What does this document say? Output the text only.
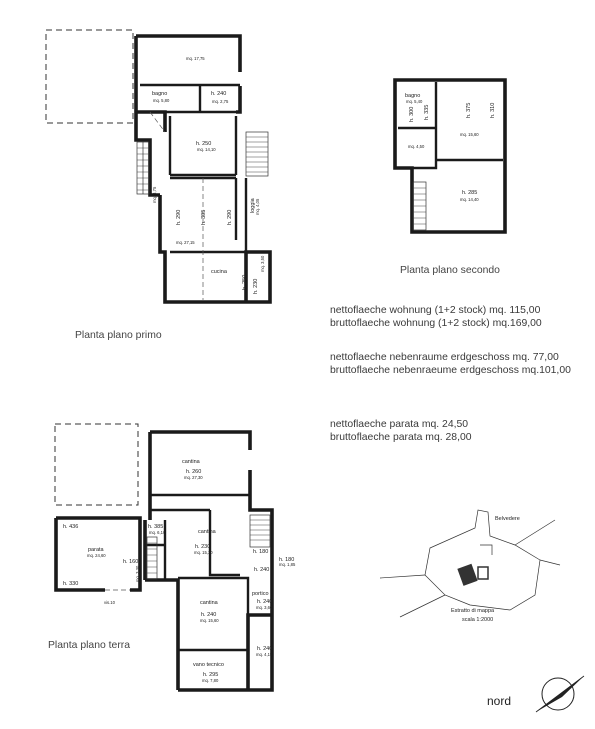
mq. 17,75
bagno
mq. 5,80
h. 240
mq. 2,75
h. 250
mq. 14,10
h. 290	h. 305	h. 290
mq. 27,15
loggia mq. 4,05
mq. 3,75
cucina
h. 250 h. 230
mq. 3,50
bagno
mq. 5,40
h. 300 h. 335	h. 375	h. 310
mq. 15,60
mq. 4,50
h. 285
mq. 14,40
cantina
h. 260
mq. 27,30
h. 436	h. 385
mq. 6,10
parata
mq. 24,60
cantina
h. 230
mq. 15,30	h. 180
h. 180
mq. 1,85
h. 160
h. 240
h. 330
mq. 3,30
vis.10	cantina
h. 240
mq. 15,60
portico
h. 240
mq. 3,60
h. 240
mq. 4,15
vano tecnico
h. 295
mq. 7,80
Belvedere
Estratto di mappa
scala 1:2000
Planta plano primo
Planta plano secondo
Planta plano terra
nord
nettoflaeche wohnung (1+2 stock) mq. 115,00
bruttoflaeche wohnung (1+2 stock) mq.169,00
nettoflaeche nebenraume erdgeschoss mq. 77,00
bruttoflaeche nebenraeume erdgeschoss mq.101,00
nettoflaeche parata mq. 24,50
bruttoflaeche parata mq. 28,00
